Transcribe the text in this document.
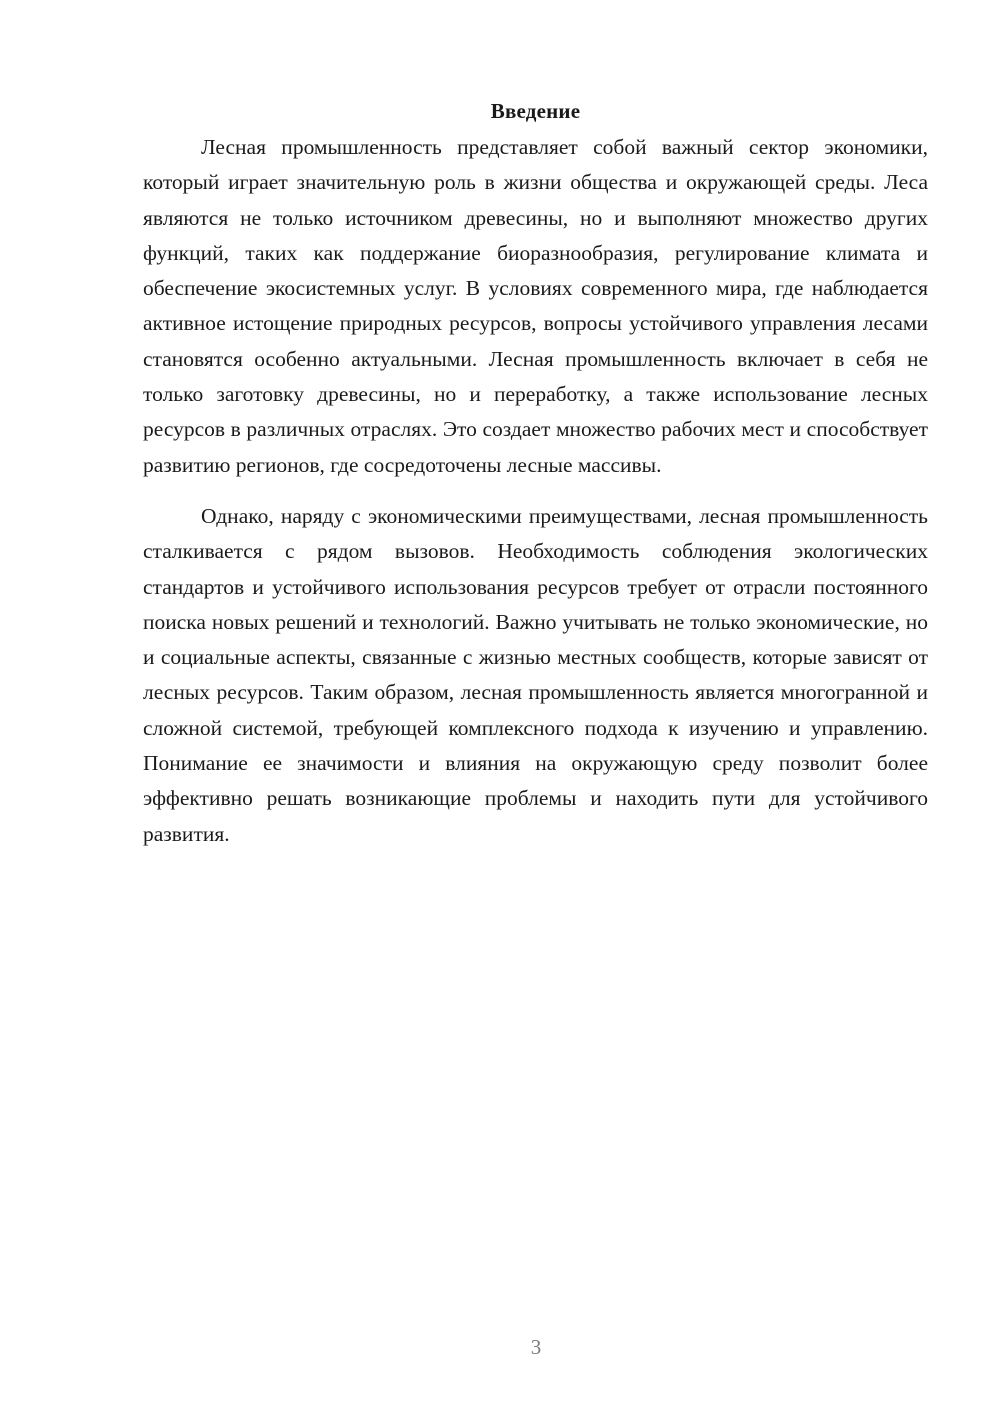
Введение

Лесная промышленность представляет собой важный сектор экономики, который играет значительную роль в жизни общества и окружающей среды. Леса являются не только источником древесины, но и выполняют множество других функций, таких как поддержание биоразнообразия, регулирование климата и обеспечение экосистемных услуг. В условиях современного мира, где наблюдается активное истощение природных ресурсов, вопросы устойчивого управления лесами становятся особенно актуальными. Лесная промышленность включает в себя не только заготовку древесины, но и переработку, а также использование лесных ресурсов в различных отраслях. Это создает множество рабочих мест и способствует развитию регионов, где сосредоточены лесные массивы.

Однако, наряду с экономическими преимуществами, лесная промышленность сталкивается с рядом вызовов. Необходимость соблюдения экологических стандартов и устойчивого использования ресурсов требует от отрасли постоянного поиска новых решений и технологий. Важно учитывать не только экономические, но и социальные аспекты, связанные с жизнью местных сообществ, которые зависят от лесных ресурсов. Таким образом, лесная промышленность является многогранной и сложной системой, требующей комплексного подхода к изучению и управлению. Понимание ее значимости и влияния на окружающую среду позволит более эффективно решать возникающие проблемы и находить пути для устойчивого развития.

3
